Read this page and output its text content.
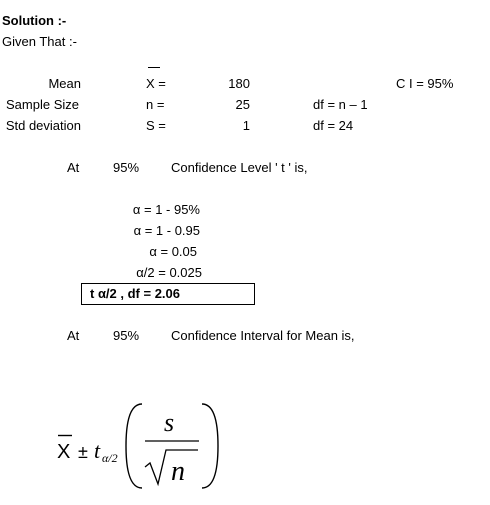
Solution :-
Given That :-
Mean	X =	180	C I = 95%
Sample Size	n =	25	df = n – 1
Std deviation	S =	1	df = 24
At	95% Confidence Level ' t ' is,
α = 1 - 95%
α = 1 - 0.95
α = 0.05
α/2 = 0.025
t α/2 , df = 2.06
At	95% Confidence Interval for Mean is,
X ± t α/2
s
n
